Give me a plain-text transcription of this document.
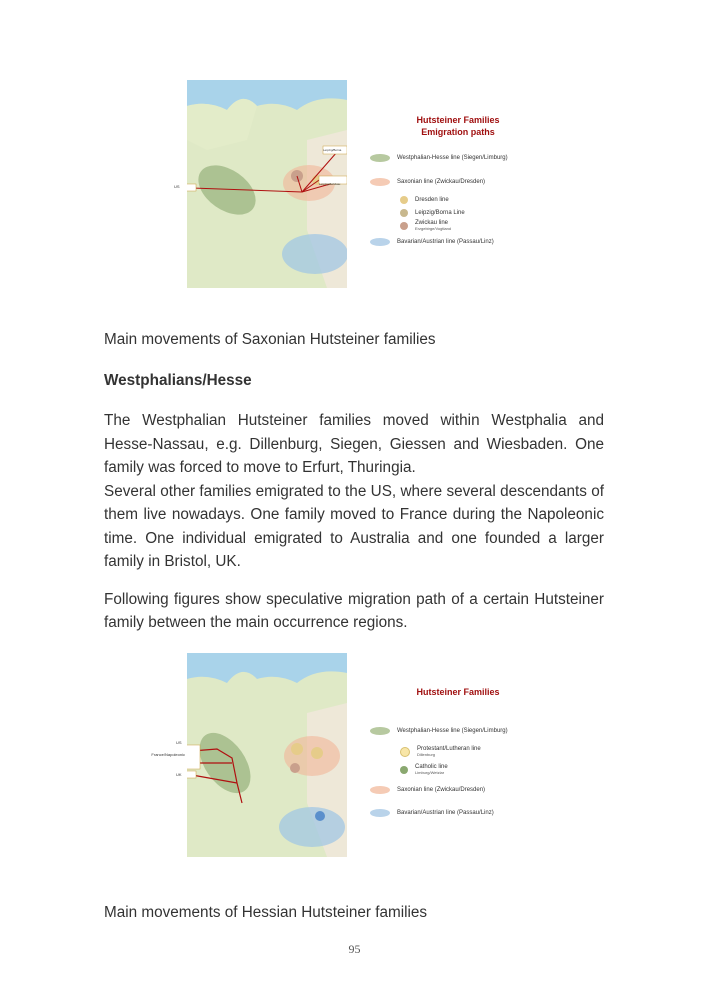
Hutsteiner Families
Emigration paths
Westphalian-Hesse line (Siegen/Limburg)
Saxonian line (Zwickau/Dresden)
Dresden line
Leipzig/Borna Line
Zwickau line
Erzgebirge/Vogtland
Bavarian/Austrian line (Passau/Linz)
Main movements of Saxonian Hutsteiner families
Westphalians/Hesse

The Westphalian Hutsteiner families moved within Westphalia and Hesse-Nassau, e.g. Dillenburg, Siegen, Giessen and Wiesbaden. One family was forced to move to Erfurt, Thuringia.

Several other families emigrated to the US, where several descendants of them live nowadays. One family moved to France during the Napoleonic time. One individual emigrated to Australia and one founded a larger family in Bristol, UK.

Following figures show speculative migration path of a certain Hutsteiner family between the main occurrence regions.

Hutsteiner Families
Westphalian-Hesse line (Siegen/Limburg)
Protestant/Lutheran line
Dillenburg
Catholic line
Limburg/Wetzlar
Saxonian line (Zwickau/Dresden)
Bavarian/Austrian line (Passau/Linz)
Main movements of Hessian Hutsteiner families
95
US	Leipzig/Zwickau
Leipzig/Borna
France/Napoleonic
UK
US
